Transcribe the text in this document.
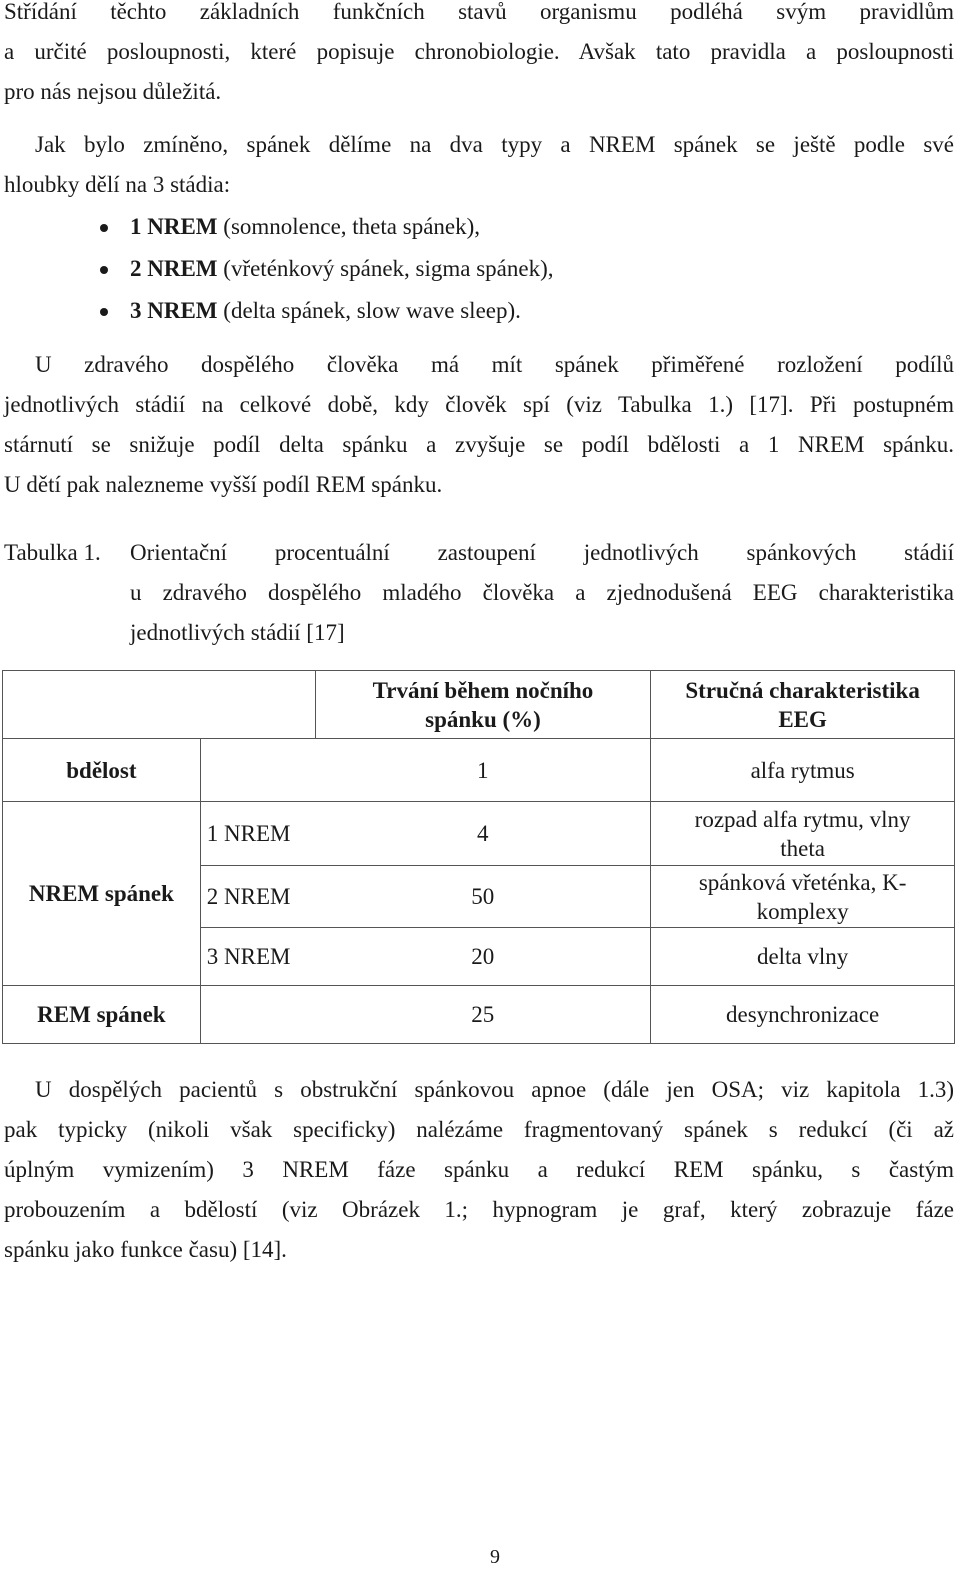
Střídání těchto základních funkčních stavů organismu podléhá svým pravidlům
a určité posloupnosti, které popisuje chronobiologie. Avšak tato pravidla a posloupnosti
pro nás nejsou důležitá.

Jak bylo zmíněno, spánek dělíme na dva typy a NREM spánek se ještě podle své
hloubky dělí na 3 stádia:

1 NREM (somnolence, theta spánek),
2 NREM (vřeténkový spánek, sigma spánek),
3 NREM (delta spánek, slow wave sleep).

U zdravého dospělého člověka má mít spánek přiměřené rozložení podílů
jednotlivých stádií na celkové době, kdy člověk spí (viz Tabulka 1.) [17]. Při postupném
stárnutí se snižuje podíl delta spánku a zvyšuje se podíl bdělosti a 1 NREM spánku.
U dětí pak nalezneme vyšší podíl REM spánku.

Tabulka 1. Orientační procentuální zastoupení jednotlivých spánkových stádií
u zdravého dospělého mladého člověka a zjednodušená EEG charakteristika
jednotlivých stádií [17]
		Trvání během nočního
spánku (%)	Stručná charakteristika
EEG
bdělost		1	alfa rytmus
NREM spánek	1 NREM	4	rozpad alfa rytmu, vlny
theta
	2 NREM	50	spánková vřeténka, K-
komplexy
	3 NREM	20	delta vlny
REM spánek		25	desynchronizace

U dospělých pacientů s obstrukční spánkovou apnoe (dále jen OSA; viz kapitola 1.3)
pak typicky (nikoli však specificky) nalézáme fragmentovaný spánek s redukcí (či až
úplným vymizením) 3 NREM fáze spánku a redukcí REM spánku, s častým
probouzením a bdělostí (viz Obrázek 1.; hypnogram je graf, který zobrazuje fáze
spánku jako funkce času) [14].

9
